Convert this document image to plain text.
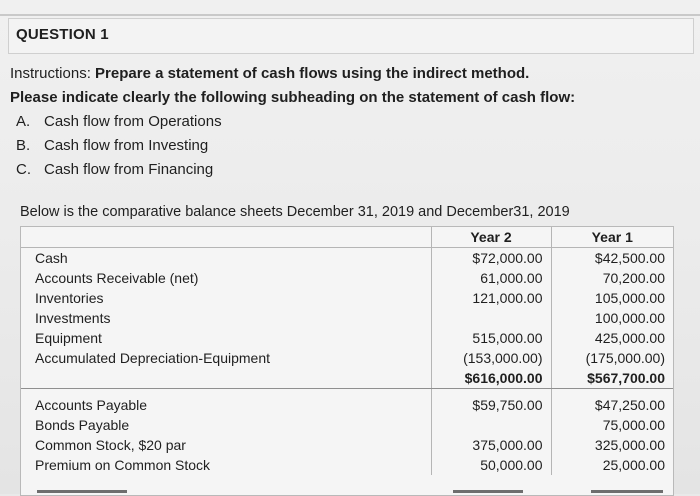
QUESTION 1
Instructions: Prepare a statement of cash flows using the indirect method.
Please indicate clearly the following subheading on the statement of cash flow:
A. Cash flow from Operations
B. Cash flow from Investing
C. Cash flow from Financing
Below is the comparative balance sheets December 31, 2019 and December31, 2019
	Year 2	Year 1
Cash	$72,000.00	$42,500.00
Accounts Receivable (net)	61,000.00	70,200.00
Inventories	121,000.00	105,000.00
Investments		100,000.00
Equipment	515,000.00	425,000.00
Accumulated Depreciation-Equipment	(153,000.00)	(175,000.00)
	$616,000.00	$567,700.00

Accounts Payable	$59,750.00	$47,250.00
Bonds Payable		75,000.00
Common Stock, $20 par	375,000.00	325,000.00
Premium on Common Stock	50,000.00	25,000.00
